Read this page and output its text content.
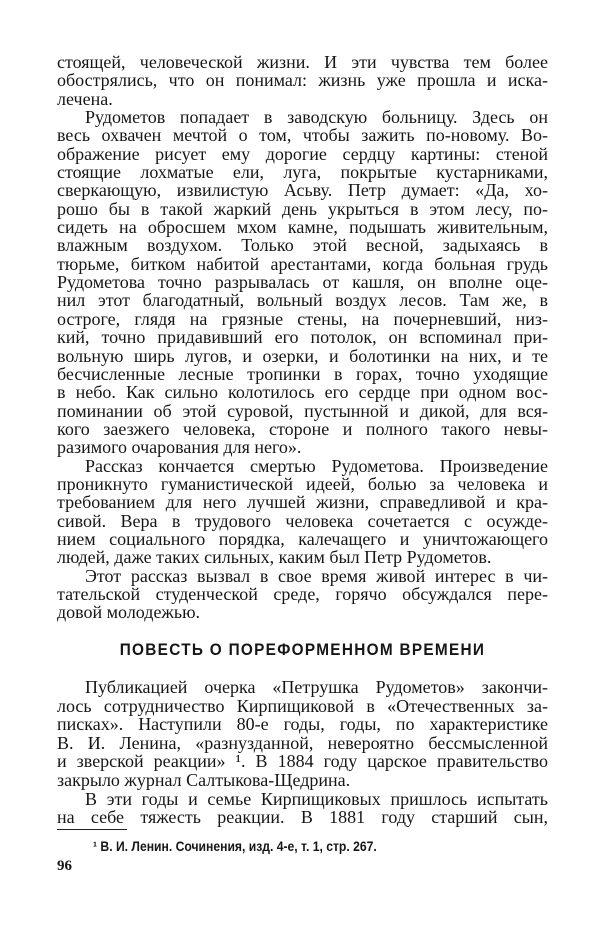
стоящей, человеческой жизни. И эти чувства тем более
обострялись, что он понимал: жизнь уже прошла и иска-
лечена.
Рудометов попадает в заводскую больницу. Здесь он
весь охвачен мечтой о том, чтобы зажить по-новому. Во-
ображение рисует ему дорогие сердцу картины: стеной
стоящие лохматые ели, луга, покрытые кустарниками,
сверкающую, извилистую Асьву. Петр думает: «Да, хо-
рошо бы в такой жаркий день укрыться в этом лесу, по-
сидеть на обросшем мхом камне, подышать живительным,
влажным воздухом. Только этой весной, задыхаясь в
тюрьме, битком набитой арестантами, когда больная грудь
Рудометова точно разрывалась от кашля, он вполне оце-
нил этот благодатный, вольный воздух лесов. Там же, в
остроге, глядя на грязные стены, на почерневший, низ-
кий, точно придавивший его потолок, он вспоминал при-
вольную ширь лугов, и озерки, и болотинки на них, и те
бесчисленные лесные тропинки в горах, точно уходящие
в небо. Как сильно колотилось его сердце при одном вос-
поминании об этой суровой, пустынной и дикой, для вся-
кого заезжего человека, стороне и полного такого невы-
разимого очарования для него».
Рассказ кончается смертью Рудометова. Произведение
проникнуто гуманистической идеей, болью за человека и
требованием для него лучшей жизни, справедливой и кра-
сивой. Вера в трудового человека сочетается с осужде-
нием социального порядка, калечащего и уничтожающего
людей, даже таких сильных, каким был Петр Рудометов.
Этот рассказ вызвал в свое время живой интерес в чи-
тательской студенческой среде, горячо обсуждался пере-
довой молодежью.
ПОВЕСТЬ О ПОРЕФОРМЕННОМ ВРЕМЕНИ
Публикацией очерка «Петрушка Рудометов» закончи-
лось сотрудничество Кирпищиковой в «Отечественных за-
писках». Наступили 80-е годы, годы, по характеристике
В. И. Ленина, «разнузданной, невероятно бессмысленной
и зверской реакции» ¹. В 1884 году царское правительство
закрыло журнал Салтыкова-Щедрина.
В эти годы и семье Кирпищиковых пришлось испытать
на себе тяжесть реакции. В 1881 году старший сын,
¹ В. И. Ленин. Сочинения, изд. 4-е, т. 1, стр. 267.
96
